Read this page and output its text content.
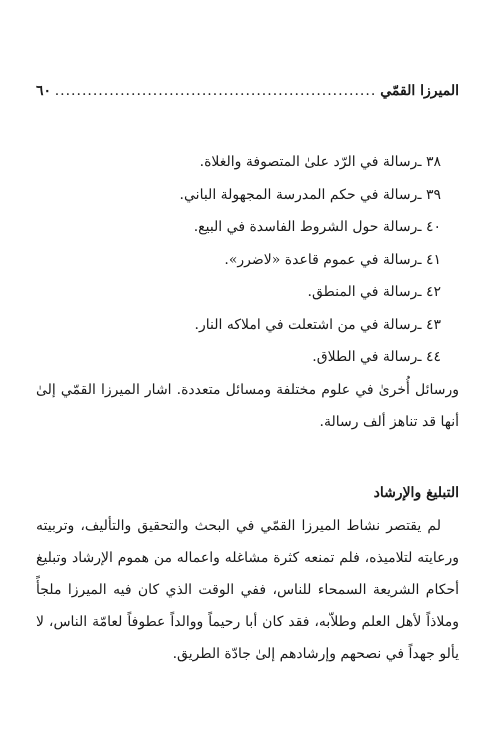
الميرزا القمّي
...........................................................
٦٠
٣٨ ـرسالة في الرّد علىٰ المتصوفة والغلاة.
٣٩ ـرسالة في حكم المدرسة المجهولة الباني.
٤٠ ـرسالة حول الشروط الفاسدة في البيع.
٤١ ـرسالة في عموم قاعدة «لاضرر».
٤٢ ـرسالة في المنطق.
٤٣ ـرسالة في من اشتعلت في املاكه النار.
٤٤ ـرسالة في الطلاق.

ورسائل أُخرىٰ في علوم مختلفة ومسائل متعددة. اشار الميرزا القمّي إلىٰ أنها قد تناهز ألف رسالة.

التبليغ والإرشاد

لم يقتصر نشاط الميرزا القمّي في البحث والتحقيق والتأليف، وتربيته ورعايته لتلاميذه، فلم تمنعه كثرة مشاغله واعماله من هموم الإرشاد وتبليغ أحكام الشريعة السمحاء للناس، ففي الوقت الذي كان فيه الميرزا ملجأً وملاذاً لأهل العلم وطلاّبه، فقد كان أبا رحيماً ووالداً عطوفاً لعامّة الناس، لا يألو جهداً في نصحهم وإرشادهم إلىٰ جادّة الطريق.
